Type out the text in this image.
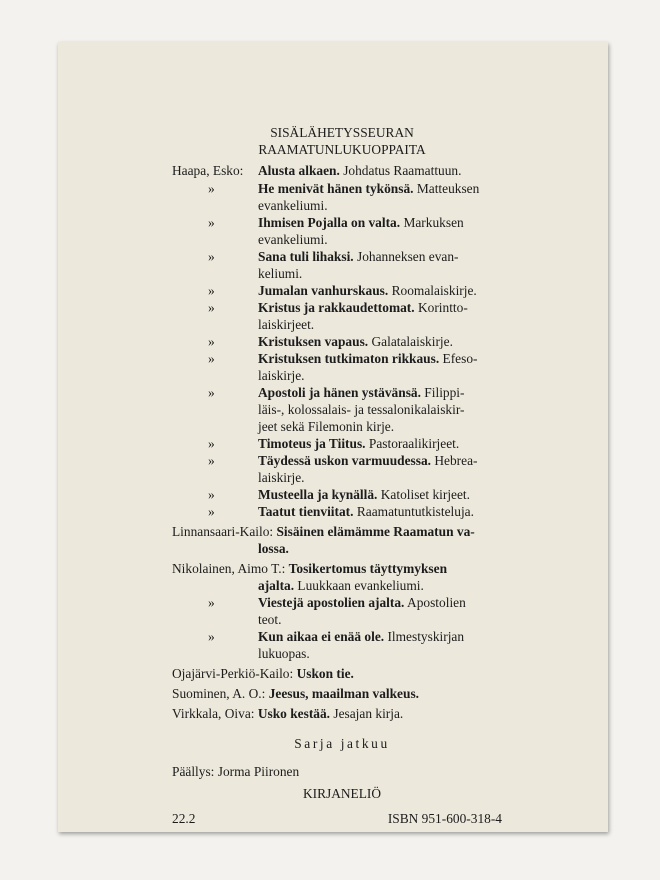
SISÄLÄHETYSSEURAN
RAAMATUNLUKUOPPAITA
Haapa, Esko: Alusta alkaen. Johdatus Raamattuun.
»	He menivät hänen tykönsä. Matteuksen
evankeliumi.
»	Ihmisen Pojalla on valta. Markuksen
evankeliumi.
»	Sana tuli lihaksi. Johanneksen evan-
keliumi.
»	Jumalan vanhurskaus. Roomalaiskirje.
»	Kristus ja rakkaudettomat. Korintto-
laiskirjeet.
»	Kristuksen vapaus. Galatalaiskirje.
»	Kristuksen tutkimaton rikkaus. Efeso-
laiskirje.
»	Apostoli ja hänen ystävänsä. Filippi-
läis-, kolossalais- ja tessalonikalaiskir-
jeet sekä Filemonin kirje.
»	Timoteus ja Tiitus. Pastoraalikirjeet.
»	Täydessä uskon varmuudessa. Hebrea-
laiskirje.
»	Musteella ja kynällä. Katoliset kirjeet.
»	Taatut tienviitat. Raamatuntutkisteluja.
Linnansaari-Kailo: Sisäinen elämämme Raamatun va-
lossa.
Nikolainen, Aimo T.: Tosikertomus täyttymyksen
ajalta. Luukkaan evankeliumi.
»	Viestejä apostolien ajalta. Apostolien
teot.
»	Kun aikaa ei enää ole. Ilmestyskirjan
lukuopas.
Ojajärvi-Perkiö-Kailo: Uskon tie.
Suominen, A. O.: Jeesus, maailman valkeus.
Virkkala, Oiva: Usko kestää. Jesajan kirja.
Sarja jatkuu
Päällys: Jorma Piironen
KIRJANELIÖ
22.2	ISBN 951-600-318-4
